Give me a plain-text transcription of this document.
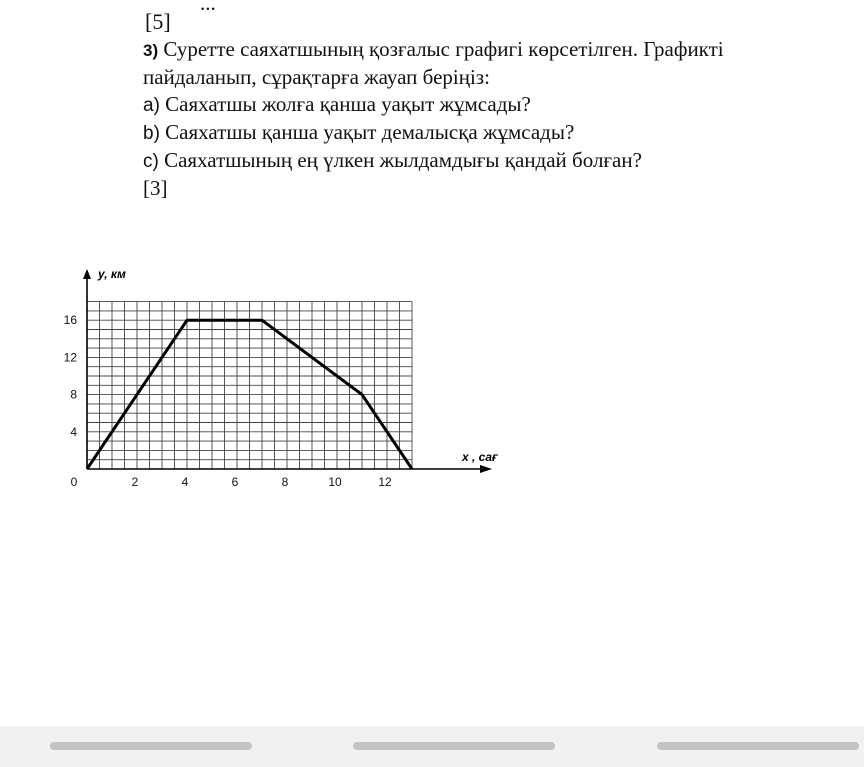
...
[5]
3) Суретте саяхатшының қозғалыс графигі көрсетілген. Графикті
пайдаланып, сұрақтарға жауап беріңіз:
a) Саяхатшы жолға қанша уақыт жұмсады?
b) Саяхатшы қанша уақыт демалысқа жұмсады?
c) Саяхатшының ең үлкен жылдамдығы қандай болған?
[3]
0	2	4	6	8	10	12
4
8
12
16
у, км
x , сағ
